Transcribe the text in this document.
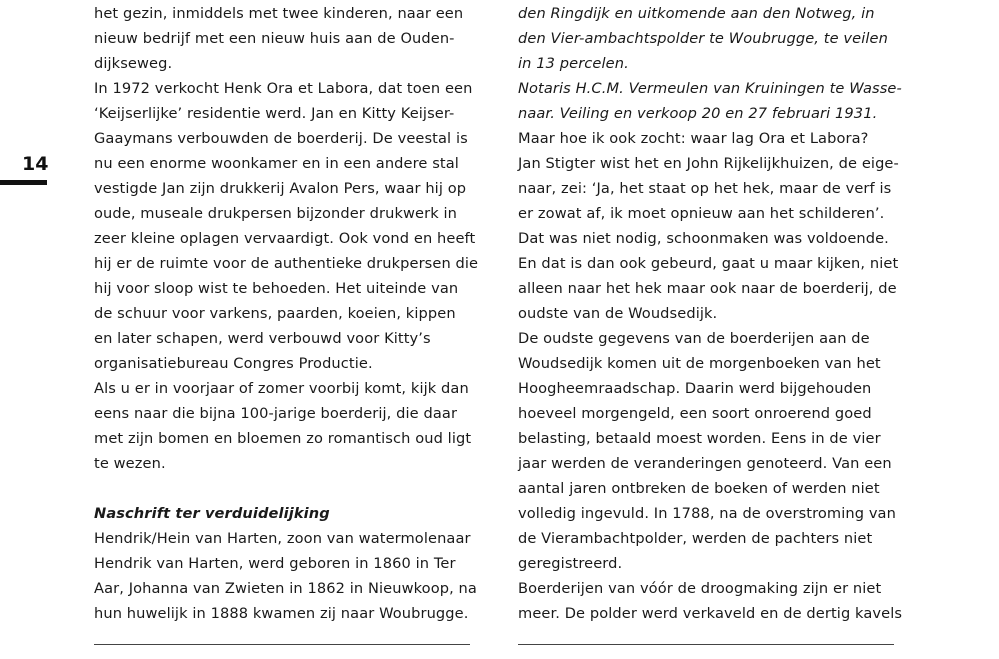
14
het gezin, inmiddels met twee kinderen, naar een
nieuw bedrijf met een nieuw huis aan de Ouden-
dijkseweg.
In 1972 verkocht Henk Ora et Labora, dat toen een
‘Keijserlijke’ residentie werd. Jan en Kitty Keijser-
Gaaymans verbouwden de boerderij. De veestal is
nu een enorme woonkamer en in een andere stal
vestigde Jan zijn drukkerij Avalon Pers, waar hij op
oude, museale drukpersen bijzonder drukwerk in
zeer kleine oplagen vervaardigt. Ook vond en heeft
hij er de ruimte voor de authentieke drukpersen die
hij voor sloop wist te behoeden. Het uiteinde van
de schuur voor varkens, paarden, koeien, kippen
en later schapen, werd verbouwd voor Kitty’s
organisatiebureau Congres Productie.
Als u er in voorjaar of zomer voorbij komt, kijk dan
eens naar die bijna 100-jarige boerderij, die daar
met zijn bomen en bloemen zo romantisch oud ligt
te wezen.
Naschrift ter verduidelijking
Hendrik/Hein van Harten, zoon van watermolenaar
Hendrik van Harten, werd geboren in 1860 in Ter
Aar, Johanna van Zwieten in 1862 in Nieuwkoop, na
hun huwelijk in 1888 kwamen zij naar Woubrugge.
den Ringdijk en uitkomende aan den Notweg, in
den Vier-ambachtspolder te Woubrugge, te veilen
in 13 percelen.
Notaris H.C.M. Vermeulen van Kruiningen te Wasse-
naar. Veiling en verkoop 20 en 27 februari 1931.
Maar hoe ik ook zocht: waar lag Ora et Labora?
Jan Stigter wist het en John Rijkelijkhuizen, de eige-
naar, zei: ‘Ja, het staat op het hek, maar de verf is
er zowat af, ik moet opnieuw aan het schilderen’.
Dat was niet nodig, schoonmaken was voldoende.
En dat is dan ook gebeurd, gaat u maar kijken, niet
alleen naar het hek maar ook naar de boerderij, de
oudste van de Woudsedijk.
De oudste gegevens van de boerderijen aan de
Woudsedijk komen uit de morgenboeken van het
Hoogheemraadschap. Daarin werd bijgehouden
hoeveel morgengeld, een soort onroerend goed
belasting, betaald moest worden. Eens in de vier
jaar werden de veranderingen genoteerd. Van een
aantal jaren ontbreken de boeken of werden niet
volledig ingevuld. In 1788, na de overstroming van
de Vierambachtpolder, werden de pachters niet
geregistreerd.
Boerderijen van vóór de droogmaking zijn er niet
meer. De polder werd verkaveld en de dertig kavels
